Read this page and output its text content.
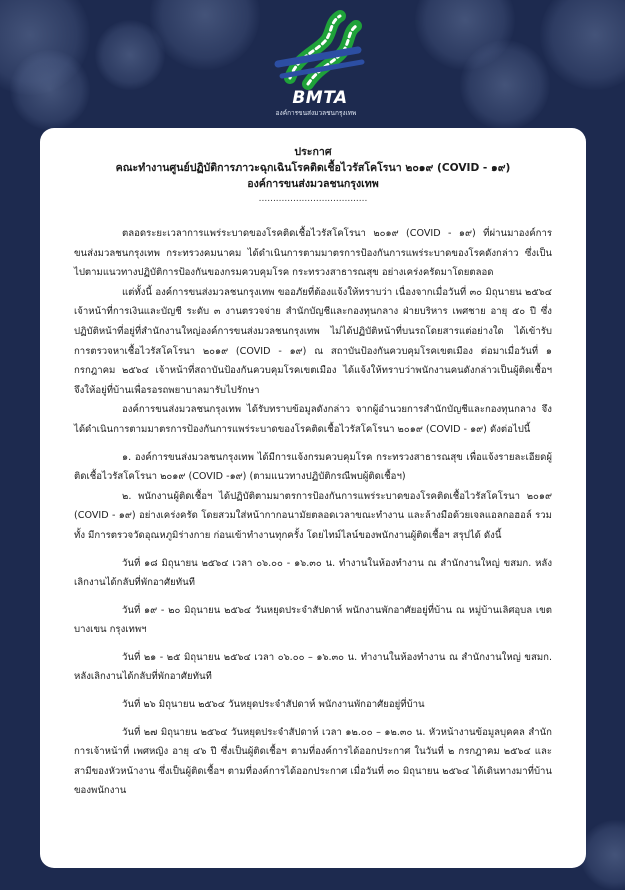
BMTA
องค์การขนส่งมวลชนกรุงเทพ
ประกาศ
คณะทำงานศูนย์ปฏิบัติการภาวะฉุกเฉินโรคติดเชื้อไวรัสโคโรนา ๒๐๑๙ (COVID - ๑๙)
องค์การขนส่งมวลชนกรุงเทพ
......................................

ตลอดระยะเวลาการแพร่ระบาดของโรคติดเชื้อไวรัสโคโรนา ๒๐๑๙ (COVID - ๑๙) ที่ผ่านมาองค์การขนส่งมวลชนกรุงเทพ กระทรวงคมนาคม ได้ดำเนินการตามมาตรการป้องกันการแพร่ระบาดของโรคดังกล่าว ซึ่งเป็นไปตามแนวทางปฏิบัติการป้องกันของกรมควบคุมโรค กระทรวงสาธารณสุข อย่างเคร่งครัดมาโดยตลอด

แต่ทั้งนี้ องค์การขนส่งมวลชนกรุงเทพ ขออภัยที่ต้องแจ้งให้ทราบว่า เนื่องจากเมื่อวันที่ ๓๐ มิถุนายน ๒๕๖๔ เจ้าหน้าที่การเงินและบัญชี ระดับ ๓ งานตรวจจ่าย สำนักบัญชีและกองทุนกลาง ฝ่ายบริหาร เพศชาย อายุ ๕๐ ปี ซึ่งปฏิบัติหน้าที่อยู่ที่สำนักงานใหญ่องค์การขนส่งมวลชนกรุงเทพ ไม่ได้ปฏิบัติหน้าที่บนรถโดยสารแต่อย่างใด ได้เข้ารับการตรวจหาเชื้อไวรัสโคโรนา ๒๐๑๙ (COVID - ๑๙) ณ สถาบันป้องกันควบคุมโรคเขตเมือง ต่อมาเมื่อวันที่ ๑ กรกฎาคม ๒๕๖๔ เจ้าหน้าที่สถาบันป้องกันควบคุมโรคเขตเมือง ได้แจ้งให้ทราบว่าพนักงานคนดังกล่าวเป็นผู้ติดเชื้อฯ จึงให้อยู่ที่บ้านเพื่อรอรถพยาบาลมารับไปรักษา

องค์การขนส่งมวลชนกรุงเทพ ได้รับทราบข้อมูลดังกล่าว จากผู้อำนวยการสำนักบัญชีและกองทุนกลาง จึงได้ดำเนินการตามมาตรการป้องกันการแพร่ระบาดของโรคติดเชื้อไวรัสโคโรนา ๒๐๑๙ (COVID - ๑๙) ดังต่อไปนี้

๑. องค์การขนส่งมวลชนกรุงเทพ ได้มีการแจ้งกรมควบคุมโรค กระทรวงสาธารณสุข เพื่อแจ้งรายละเอียดผู้ติดเชื้อไวรัสโคโรนา ๒๐๑๙ (COVID -๑๙) (ตามแนวทางปฏิบัติกรณีพบผู้ติดเชื้อฯ)

๒. พนักงานผู้ติดเชื้อฯ ได้ปฏิบัติตามมาตรการป้องกันการแพร่ระบาดของโรคติดเชื้อไวรัสโคโรนา ๒๐๑๙ (COVID - ๑๙) อย่างเคร่งครัด โดยสวมใส่หน้ากากอนามัยตลอดเวลาขณะทำงาน และล้างมือด้วยเจลแอลกอฮอล์ รวมทั้ง มีการตรวจวัดอุณหภูมิร่างกาย ก่อนเข้าทำงานทุกครั้ง โดยไทม์ไลน์ของพนักงานผู้ติดเชื้อฯ สรุปได้ ดังนี้

วันที่ ๑๘ มิถุนายน ๒๕๖๔ เวลา ๐๖.๐๐ - ๑๖.๓๐ น. ทำงานในห้องทำงาน ณ สำนักงานใหญ่ ขสมก. หลังเลิกงานได้กลับที่พักอาศัยทันที

วันที่ ๑๙ - ๒๐ มิถุนายน ๒๕๖๔ วันหยุดประจำสัปดาห์ พนักงานพักอาศัยอยู่ที่บ้าน ณ หมู่บ้านเลิศอุบล เขตบางเขน กรุงเทพฯ

วันที่ ๒๑ - ๒๕ มิถุนายน ๒๕๖๔ เวลา ๐๖.๐๐ – ๑๖.๓๐ น. ทำงานในห้องทำงาน ณ สำนักงานใหญ่ ขสมก. หลังเลิกงานได้กลับที่พักอาศัยทันที

วันที่ ๒๖ มิถุนายน ๒๕๖๔ วันหยุดประจำสัปดาห์ พนักงานพักอาศัยอยู่ที่บ้าน

วันที่ ๒๗ มิถุนายน ๒๕๖๔ วันหยุดประจำสัปดาห์ เวลา ๑๒.๐๐ – ๑๒.๓๐ น. หัวหน้างานข้อมูลบุคคล สำนักการเจ้าหน้าที่ เพศหญิง อายุ ๔๖ ปี ซึ่งเป็นผู้ติดเชื้อฯ ตามที่องค์การได้ออกประกาศ ในวันที่ ๒ กรกฎาคม ๒๕๖๔ และสามีของหัวหน้างาน ซึ่งเป็นผู้ติดเชื้อฯ ตามที่องค์การได้ออกประกาศ เมื่อวันที่ ๓๐ มิถุนายน ๒๕๖๔ ได้เดินทางมาที่บ้านของพนักงาน
